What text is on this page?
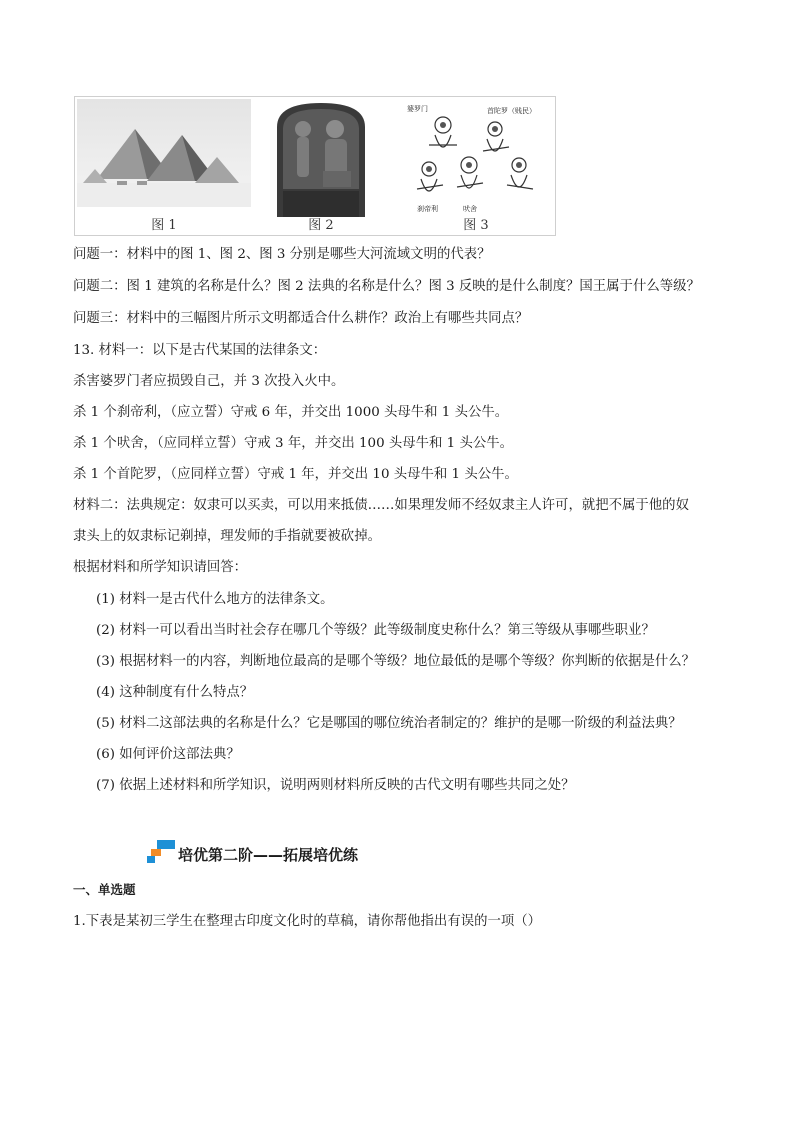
图 1	图 2
婆罗门	首陀罗（贱民）
刹帝利	吠舍
图 3
问题一：材料中的图 1、图 2、图 3 分别是哪些大河流域文明的代表？
问题二：图 1 建筑的名称是什么？图 2 法典的名称是什么？图 3 反映的是什么制度？国王属于什么等级？
问题三：材料中的三幅图片所示文明都适合什么耕作？政治上有哪些共同点？
13. 材料一：以下是古代某国的法律条文：
杀害婆罗门者应损毁自己，并 3 次投入火中。
杀 1 个刹帝利，（应立誓）守戒 6 年，并交出 1000 头母牛和 1 头公牛。
杀 1 个吠舍，（应同样立誓）守戒 3 年，并交出 100 头母牛和 1 头公牛。
杀 1 个首陀罗，（应同样立誓）守戒 1 年，并交出 10 头母牛和 1 头公牛。
材料二：法典规定：奴隶可以买卖，可以用来抵债……如果理发师不经奴隶主人许可，就把不属于他的奴
隶头上的奴隶标记剃掉，理发师的手指就要被砍掉。
根据材料和所学知识请回答：
(1) 材料一是古代什么地方的法律条文。
(2) 材料一可以看出当时社会存在哪几个等级？此等级制度史称什么？第三等级从事哪些职业？
(3) 根据材料一的内容，判断地位最高的是哪个等级？地位最低的是哪个等级？你判断的依据是什么？
(4) 这种制度有什么特点？
(5) 材料二这部法典的名称是什么？它是哪国的哪位统治者制定的？维护的是哪一阶级的利益法典？
(6) 如何评价这部法典？
(7) 依据上述材料和所学知识，说明两则材料所反映的古代文明有哪些共同之处？
培优第二阶——拓展培优练
一、单选题
1.下表是某初三学生在整理古印度文化时的草稿，请你帮他指出有误的一项（）
